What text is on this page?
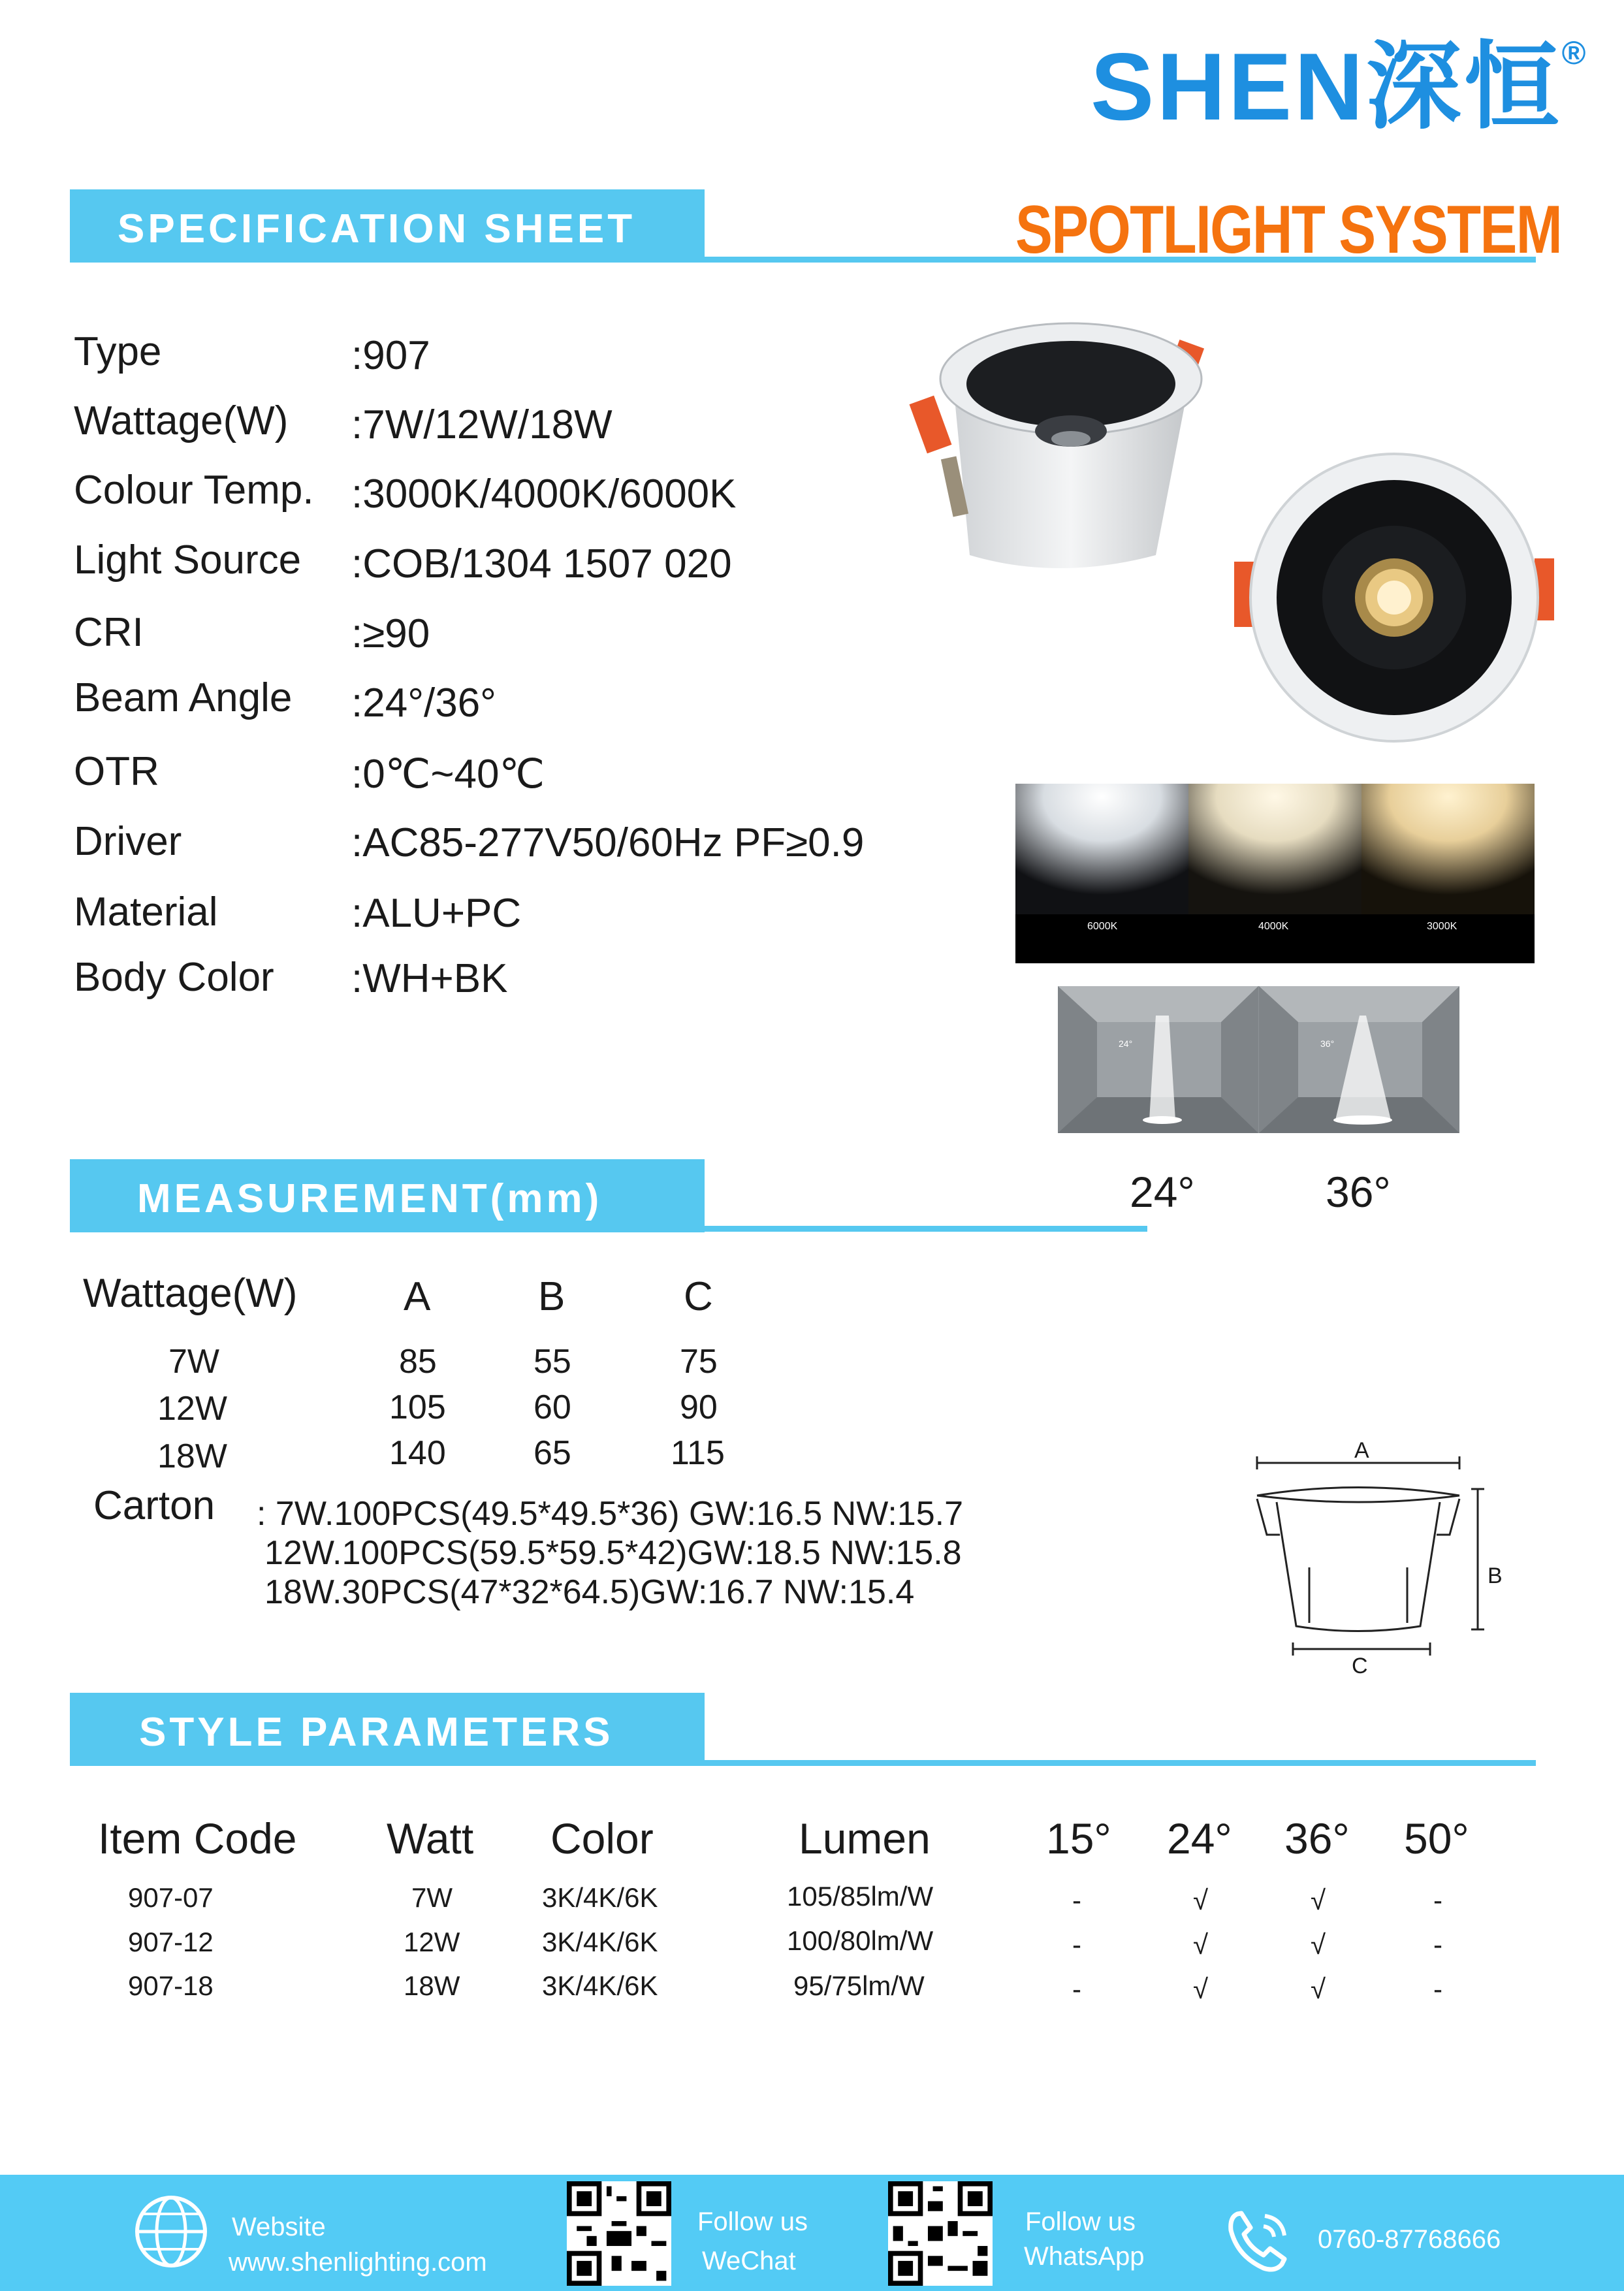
SHEN深恒®
SPECIFICATION SHEET	SPOTLIGHT SYSTEM
Type	:907
Wattage(W) :7W/12W/18W
Colour Temp. :3000K/4000K/6000K
Light Source :COB/1304 1507 020
CRI	:≥90
Beam Angle :24°/36°
OTR	:0℃~40℃
Driver	:AC85-277V50/60Hz PF≥0.9
Material	:ALU+PC
Body Color :WH+BK
6000K	4000K	3000K
24°	36°
24°	36°
MEASUREMENT(mm)
Wattage(W)	A	B	C
7W	85	55	75
12W	105	60	90
18W	140	65	115
Carton : 7W.100PCS(49.5*49.5*36) GW:16.5 NW:15.7
12W.100PCS(59.5*59.5*42)GW:18.5 NW:15.8
18W.30PCS(47*32*64.5)GW:16.7 NW:15.4
A
B
C
STYLE PARAMETERS
Item Code Watt Color	Lumen	15° 24° 36° 50°
907-07	7W	3K/4K/6K	105/85lm/W	-	√	√	-
907-12	12W	3K/4K/6K	100/80lm/W	-	√	√	-
907-18	18W	3K/4K/6K	95/75lm/W	-	√	√	-
Website
www.shenlighting.com
Follow us
WeChat
Follow us
WhatsApp
0760-87768666
